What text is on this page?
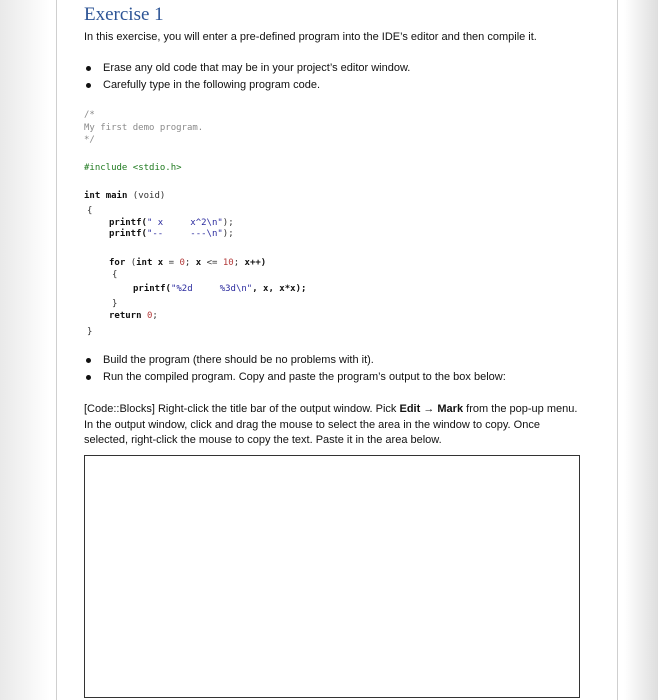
Exercise 1

In this exercise, you will enter a pre-defined program into the IDE’s editor and then compile it.

Erase any old code that may be in your project’s editor window.
Carefully type in the following program code.

/*

My first demo program.

*/

#include <stdio.h>

int main (void)

{

printf(" x     x^2\n");

printf("--     ---\n");

for (int x = 0; x <= 10; x++)

{

printf("%2d     %3d\n", x, x*x);

}

return 0;

}

Build the program (there should be no problems with it).
Run the compiled program. Copy and paste the program’s output to the box below:

[Code::Blocks] Right-click the title bar of the output window. Pick Edit → Mark from the pop-up menu. In the output window, click and drag the mouse to select the area in the window to copy. Once selected, right-click the mouse to copy the text. Paste it in the area below.
